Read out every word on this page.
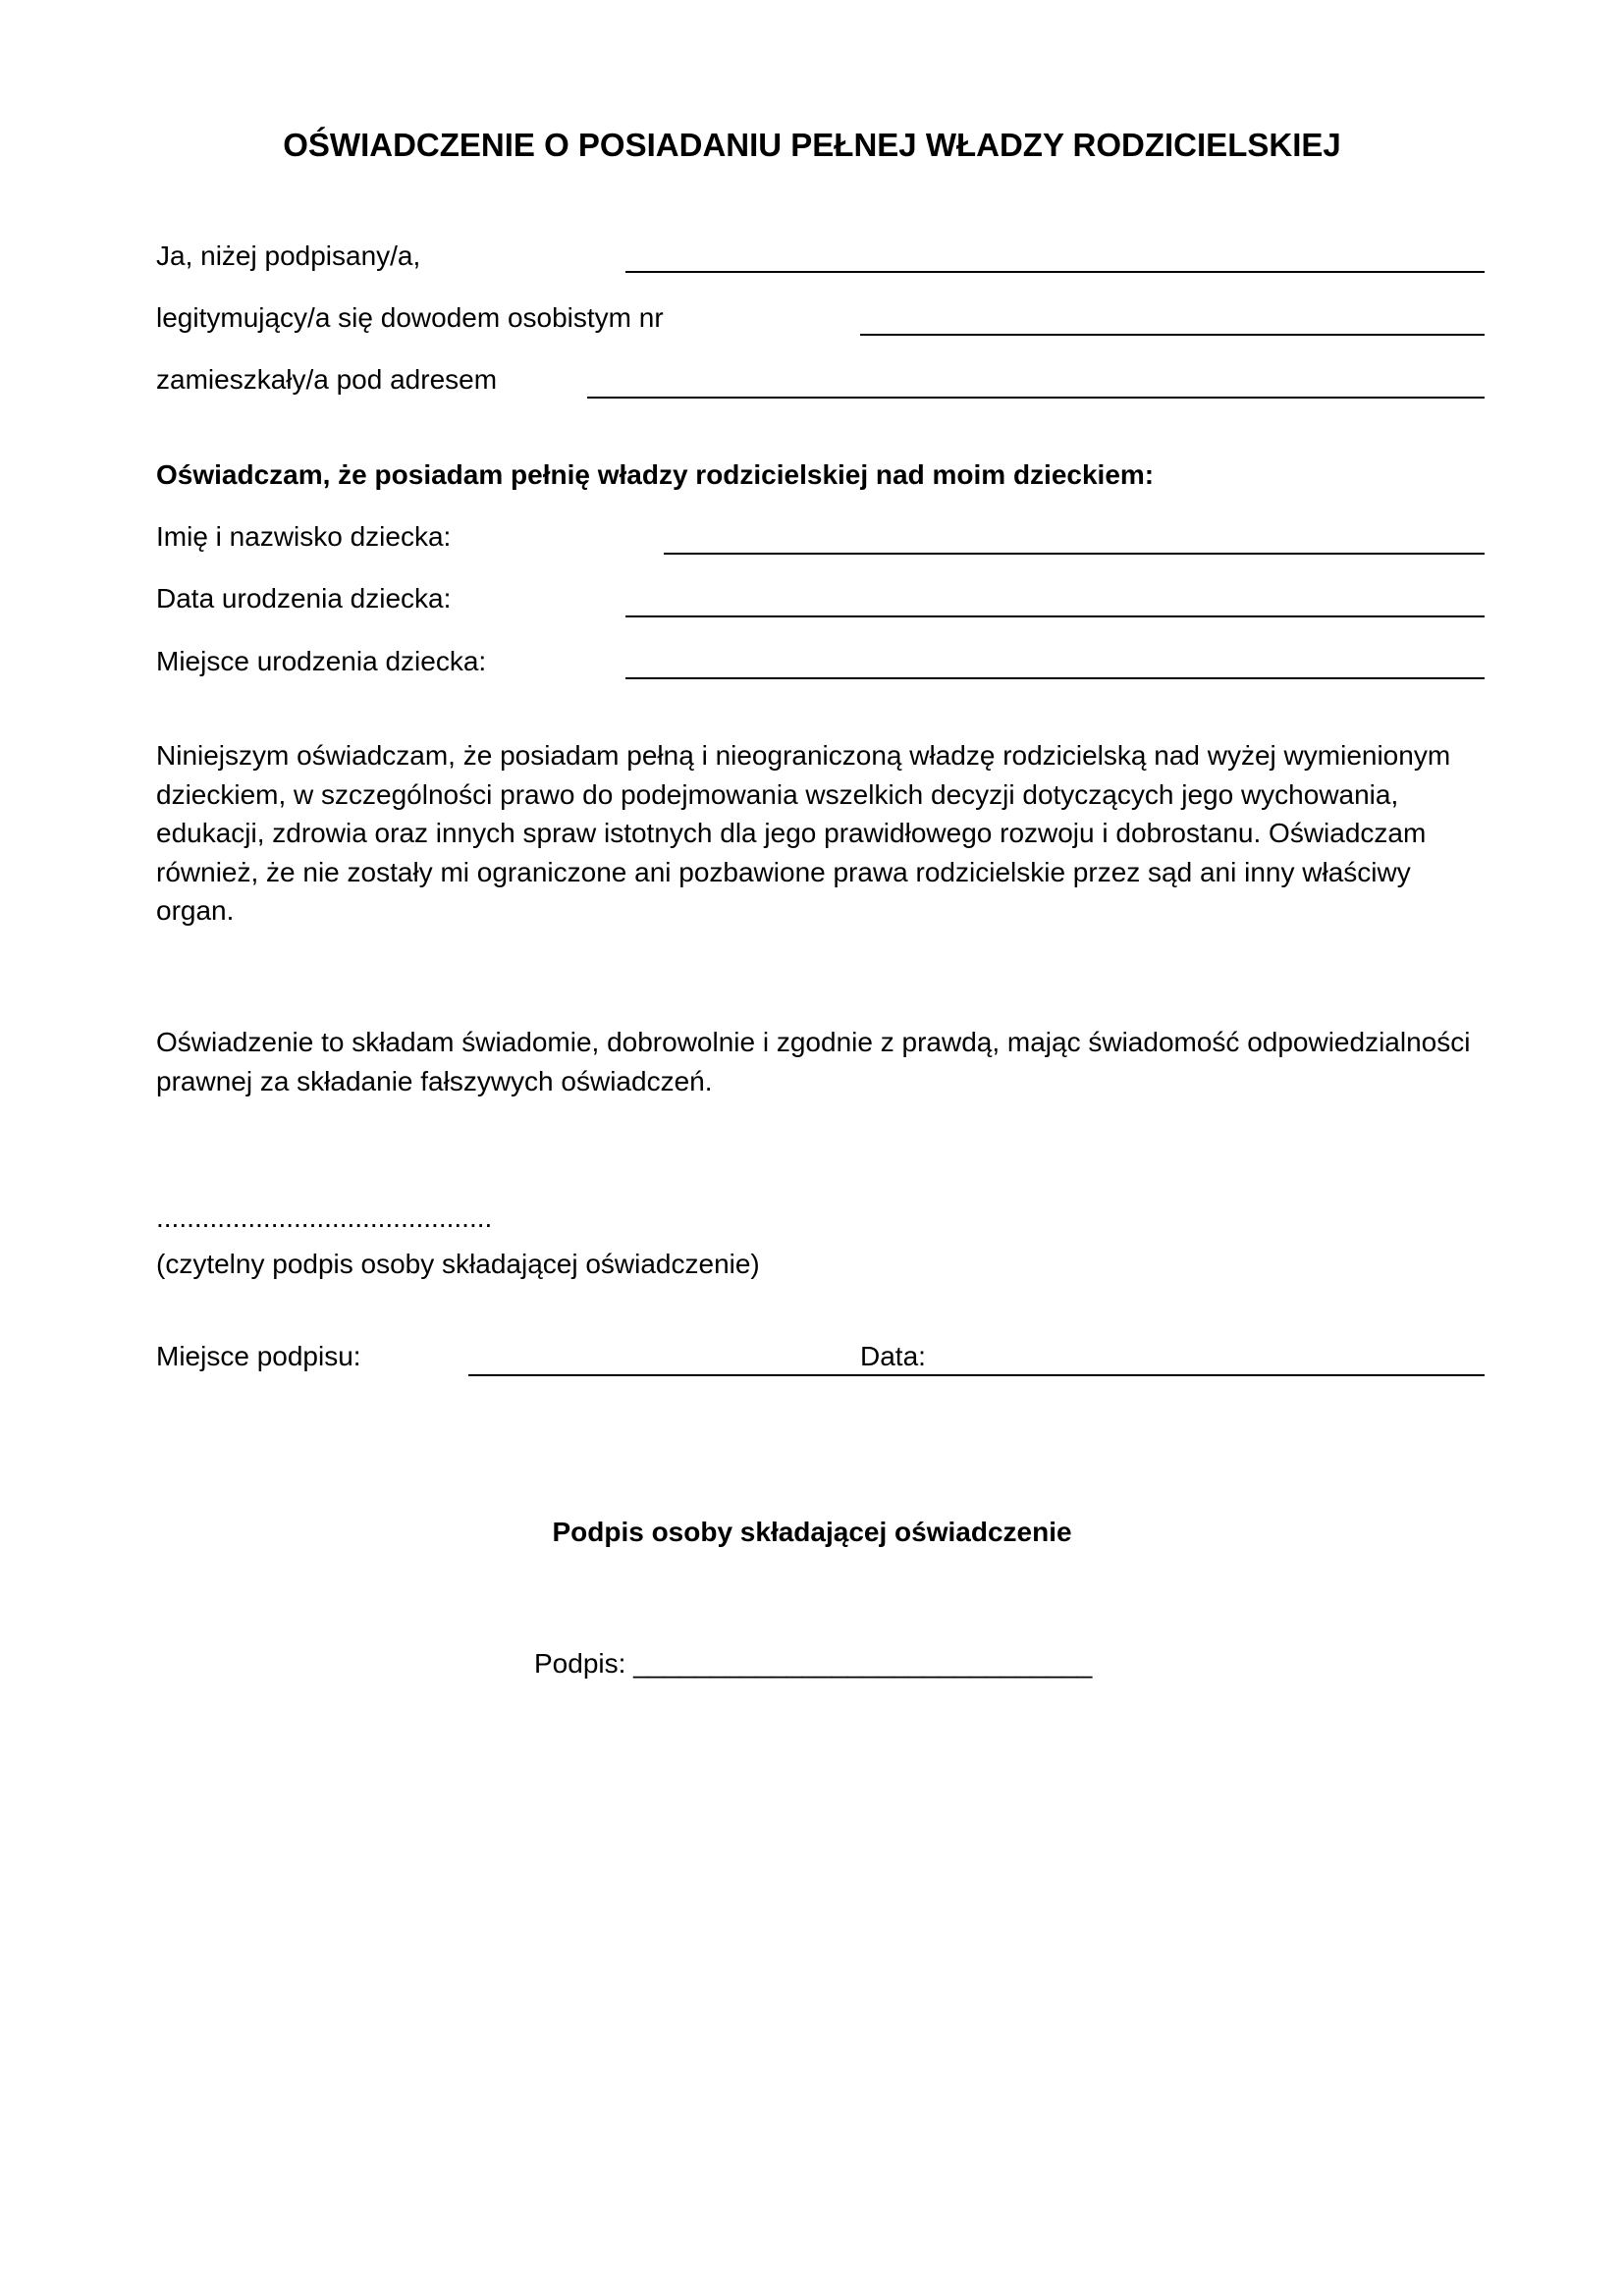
OŚWIADCZENIE O POSIADANIU PEŁNEJ WŁADZY RODZICIELSKIEJ
Ja, niżej podpisany/a,
legitymujący/a się dowodem osobistym nr
zamieszkały/a pod adresem
Oświadczam, że posiadam pełnię władzy rodzicielskiej nad moim dzieckiem:
Imię i nazwisko dziecka:
Data urodzenia dziecka:
Miejsce urodzenia dziecka:
Niniejszym oświadczam, że posiadam pełną i nieograniczoną władzę rodzicielską nad wyżej wymienionym dzieckiem, w szczególności prawo do podejmowania wszelkich decyzji dotyczących jego wychowania, edukacji, zdrowia oraz innych spraw istotnych dla jego prawidłowego rozwoju i dobrostanu. Oświadczam również, że nie zostały mi ograniczone ani pozbawione prawa rodzicielskie przez sąd ani inny właściwy organ.
Oświadzenie to składam świadomie, dobrowolnie i zgodnie z prawdą, mając świadomość odpowiedzialności prawnej za składanie fałszywych oświadczeń.
............................................
(czytelny podpis osoby składającej oświadczenie)
Miejsce podpisu:	Data:
Podpis osoby składającej oświadczenie
Podpis: ______________________________
